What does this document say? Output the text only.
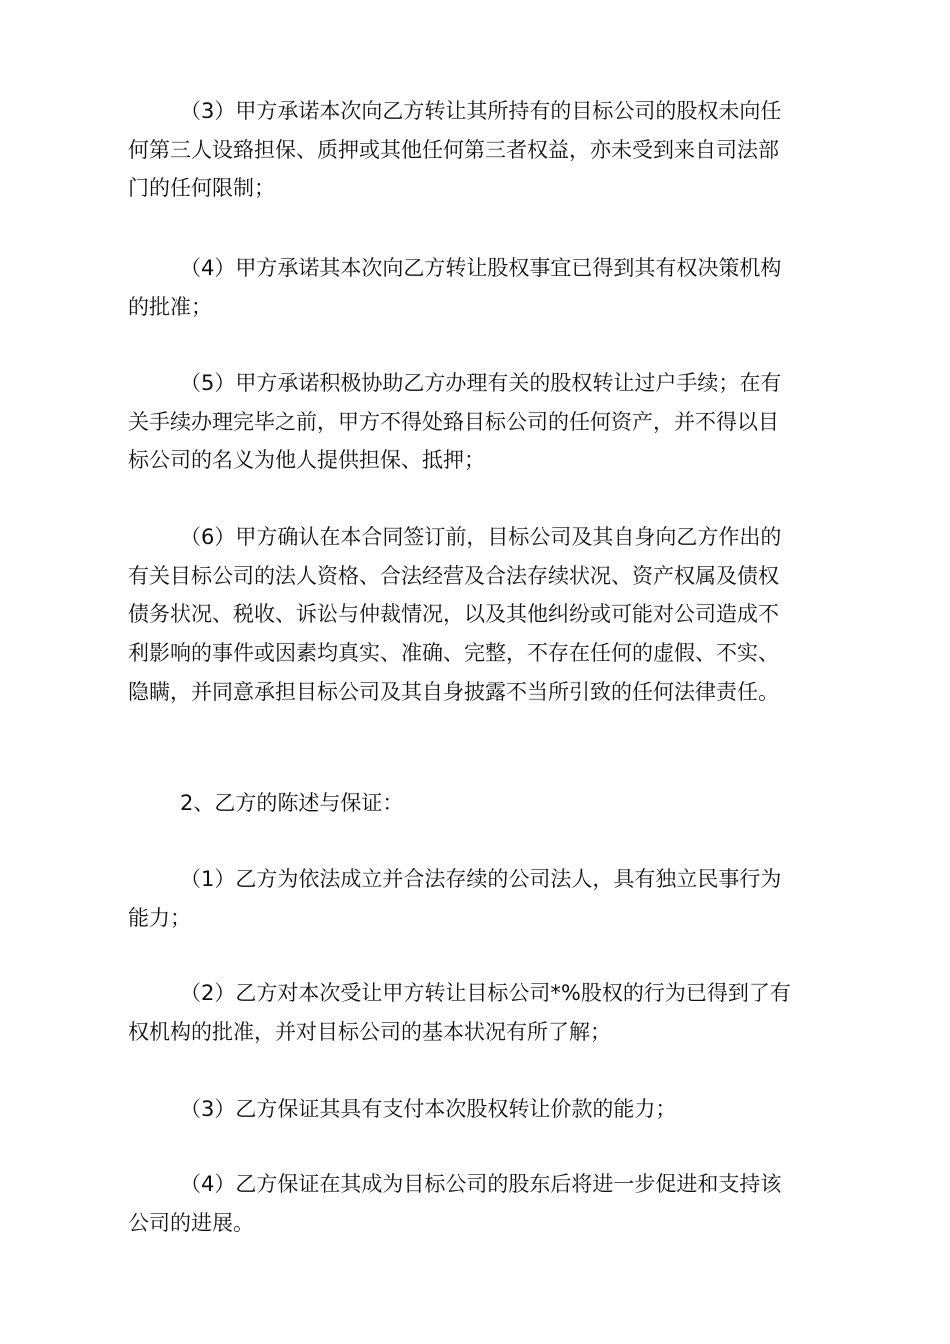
（3）甲方承诺本次向乙方转让其所持有的目标公司的股权未向任
何第三人设臵担保、质押或其他任何第三者权益，亦未受到来自司法部
门的任何限制；

（4）甲方承诺其本次向乙方转让股权事宜已得到其有权决策机构
的批准；

（5）甲方承诺积极协助乙方办理有关的股权转让过户手续；在有
关手续办理完毕之前，甲方不得处臵目标公司的任何资产，并不得以目
标公司的名义为他人提供担保、抵押；

（6）甲方确认在本合同签订前，目标公司及其自身向乙方作出的
有关目标公司的法人资格、合法经营及合法存续状况、资产权属及债权
债务状况、税收、诉讼与仲裁情况，以及其他纠纷或可能对公司造成不
利影响的事件或因素均真实、准确、完整，不存在任何的虚假、不实、
隐瞒，并同意承担目标公司及其自身披露不当所引致的任何法律责任。

2、乙方的陈述与保证：

（1）乙方为依法成立并合法存续的公司法人，具有独立民事行为
能力；

（2）乙方对本次受让甲方转让目标公司*%股权的行为已得到了有
权机构的批准，并对目标公司的基本状况有所了解；

（3）乙方保证其具有支付本次股权转让价款的能力；

（4）乙方保证在其成为目标公司的股东后将进一步促进和支持该
公司的进展。
